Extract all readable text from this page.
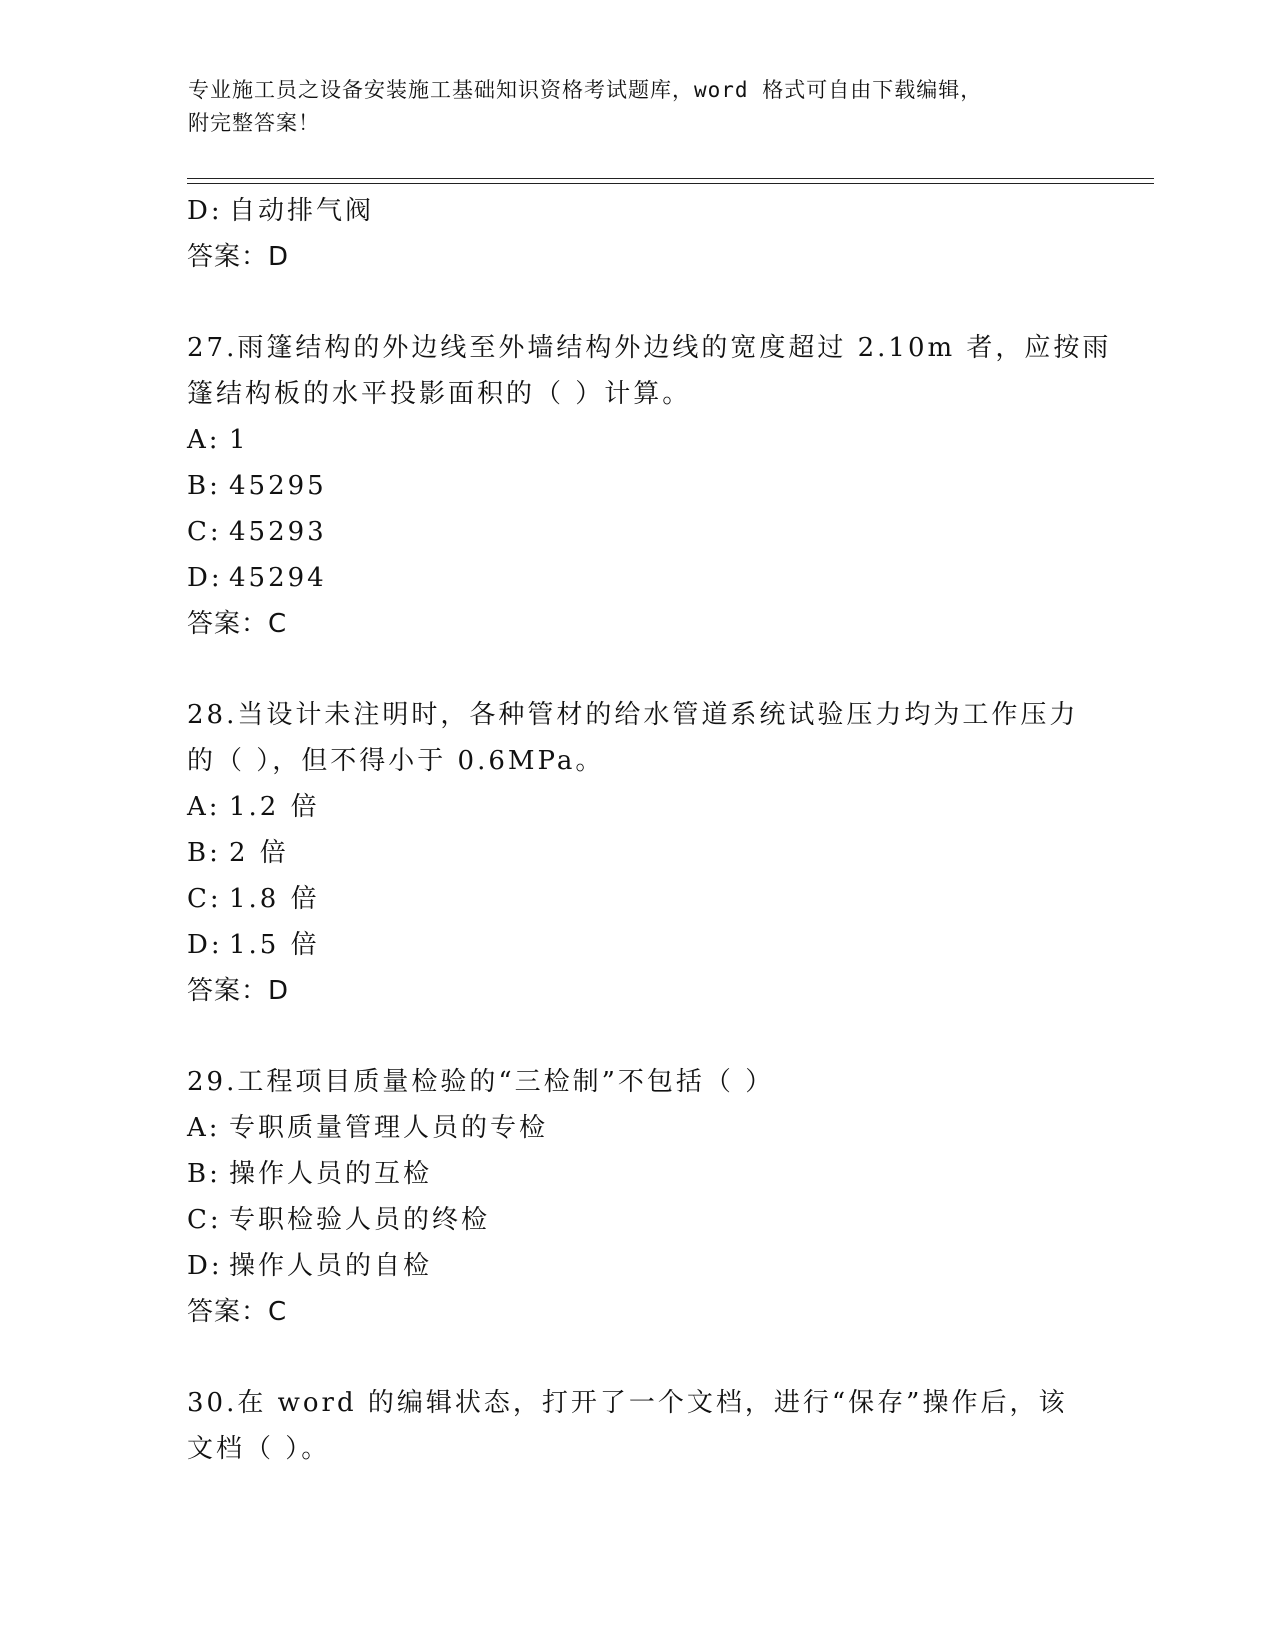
专业施工员之设备安装施工基础知识资格考试题库，word 格式可自由下载编辑，
附完整答案！
D: 自动排气阀
答案：D
27.雨篷结构的外边线至外墙结构外边线的宽度超过 2.10m 者，应按雨
篷结构板的水平投影面积的（ ）计算。
A: 1
B: 45295
C: 45293
D: 45294
答案：C
28.当设计未注明时，各种管材的给水管道系统试验压力均为工作压力
的（ ），但不得小于 0.6MPa。
A: 1.2 倍
B: 2 倍
C: 1.8 倍
D: 1.5 倍
答案：D
29.工程项目质量检验的“三检制”不包括（ ）
A: 专职质量管理人员的专检
B: 操作人员的互检
C: 专职检验人员的终检
D: 操作人员的自检
答案：C
30.在 word 的编辑状态，打开了一个文档，进行“保存”操作后，该
文档（ ）。
